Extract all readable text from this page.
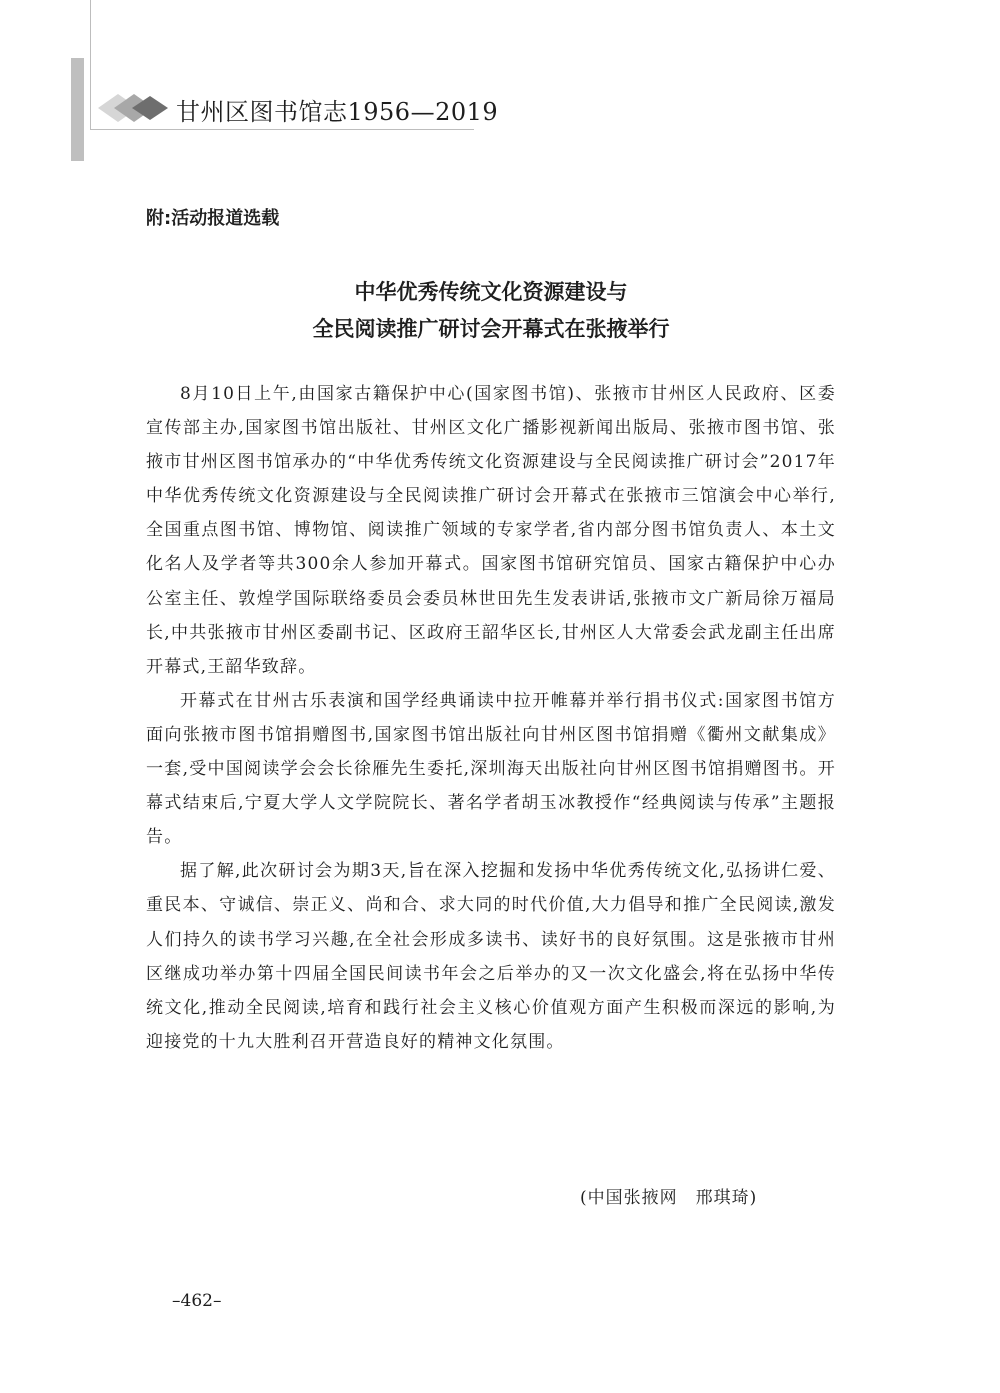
甘州区图书馆志1956—2019
附:活动报道选载
中华优秀传统文化资源建设与
全民阅读推广研讨会开幕式在张掖举行

8月10日上午,由国家古籍保护中心(国家图书馆)、张掖市甘州区人民政府、区委宣传部主办,国家图书馆出版社、甘州区文化广播影视新闻出版局、张掖市图书馆、张掖市甘州区图书馆承办的“中华优秀传统文化资源建设与全民阅读推广研讨会”2017年中华优秀传统文化资源建设与全民阅读推广研讨会开幕式在张掖市三馆演会中心举行,全国重点图书馆、博物馆、阅读推广领域的专家学者,省内部分图书馆负责人、本土文化名人及学者等共300余人参加开幕式。国家图书馆研究馆员、国家古籍保护中心办公室主任、敦煌学国际联络委员会委员林世田先生发表讲话,张掖市文广新局徐万福局长,中共张掖市甘州区委副书记、区政府王韶华区长,甘州区人大常委会武龙副主任出席开幕式,王韶华致辞。

开幕式在甘州古乐表演和国学经典诵读中拉开帷幕并举行捐书仪式:国家图书馆方面向张掖市图书馆捐赠图书,国家图书馆出版社向甘州区图书馆捐赠《衢州文献集成》一套,受中国阅读学会会长徐雁先生委托,深圳海天出版社向甘州区图书馆捐赠图书。开幕式结束后,宁夏大学人文学院院长、著名学者胡玉冰教授作“经典阅读与传承”主题报告。

据了解,此次研讨会为期3天,旨在深入挖掘和发扬中华优秀传统文化,弘扬讲仁爱、重民本、守诚信、崇正义、尚和合、求大同的时代价值,大力倡导和推广全民阅读,激发人们持久的读书学习兴趣,在全社会形成多读书、读好书的良好氛围。这是张掖市甘州区继成功举办第十四届全国民间读书年会之后举办的又一次文化盛会,将在弘扬中华传统文化,推动全民阅读,培育和践行社会主义核心价值观方面产生积极而深远的影响,为迎接党的十九大胜利召开营造良好的精神文化氛围。

(中国张掖网　邢琪琦)
–462–
